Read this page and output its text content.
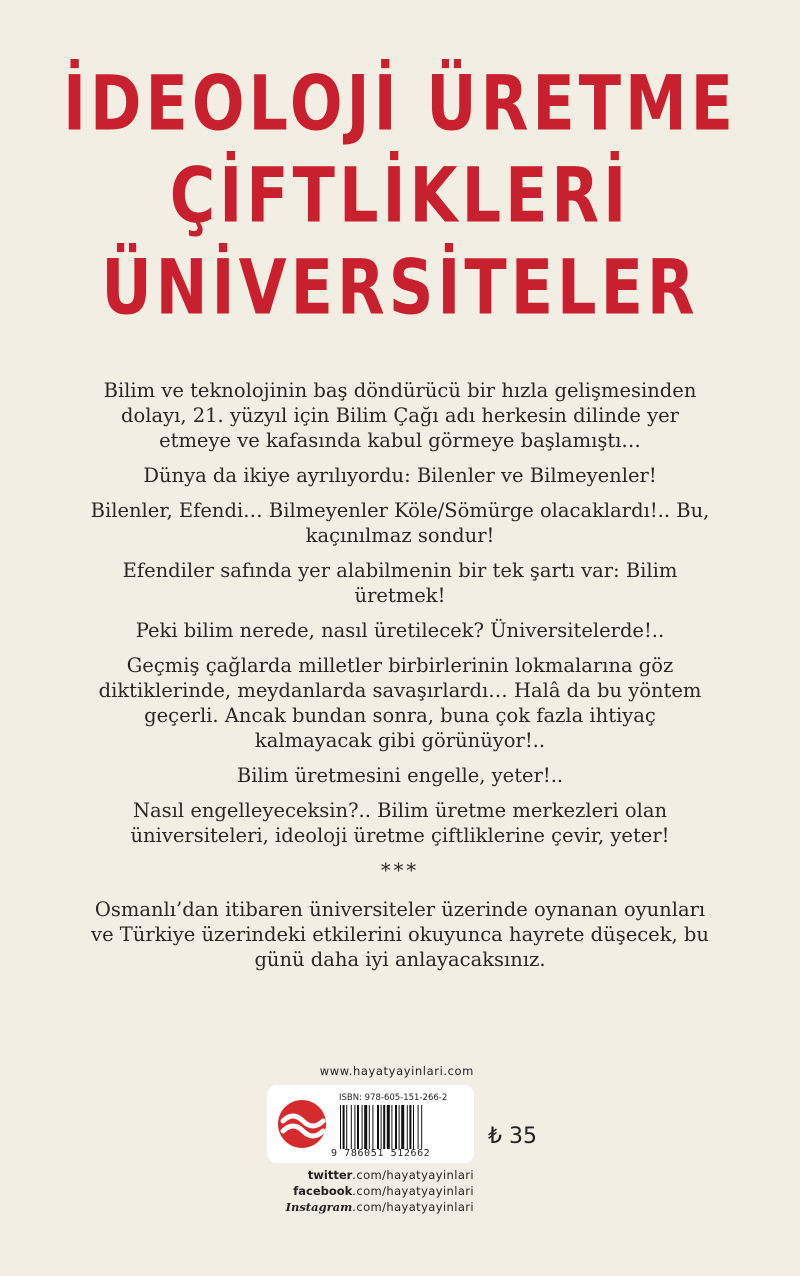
İDEOLOJİ ÜRETME
ÇİFTLİKLERİ
ÜNİVERSİTELER

Bilim ve teknolojinin baş döndürücü bir hızla gelişmesinden dolayı, 21. yüzyıl için Bilim Çağı adı herkesin dilinde yer etmeye ve kafasında kabul görmeye başlamıştı…

Dünya da ikiye ayrılıyordu: Bilenler ve Bilmeyenler!

Bilenler, Efendi… Bilmeyenler Köle/Sömürge olacaklardı!.. Bu, kaçınılmaz sondur!

Efendiler safında yer alabilmenin bir tek şartı var: Bilim üretmek!

Peki bilim nerede, nasıl üretilecek? Üniversitelerde!..

Geçmiş çağlarda milletler birbirlerinin lokmalarına göz diktiklerinde, meydanlarda savaşırlardı… Halâ da bu yöntem geçerli. Ancak bundan sonra, buna çok fazla ihtiyaç kalmayacak gibi görünüyor!..

Bilim üretmesini engelle, yeter!..

Nasıl engelleyeceksin?.. Bilim üretme merkezleri olan üniversiteleri, ideoloji üretme çiftliklerine çevir, yeter!

***

Osmanlı’dan itibaren üniversiteler üzerinde oynanan oyunları ve Türkiye üzerindeki etkilerini okuyunca hayrete düşecek, bu günü daha iyi anlayacaksınız.

www.hayatyayinlari.com
ISBN: 978-605-151-266-2
9 786051 512662
₺ 35
twitter.com/hayatyayinlari
facebook.com/hayatyayinlari
Instagram.com/hayatyayinlari
